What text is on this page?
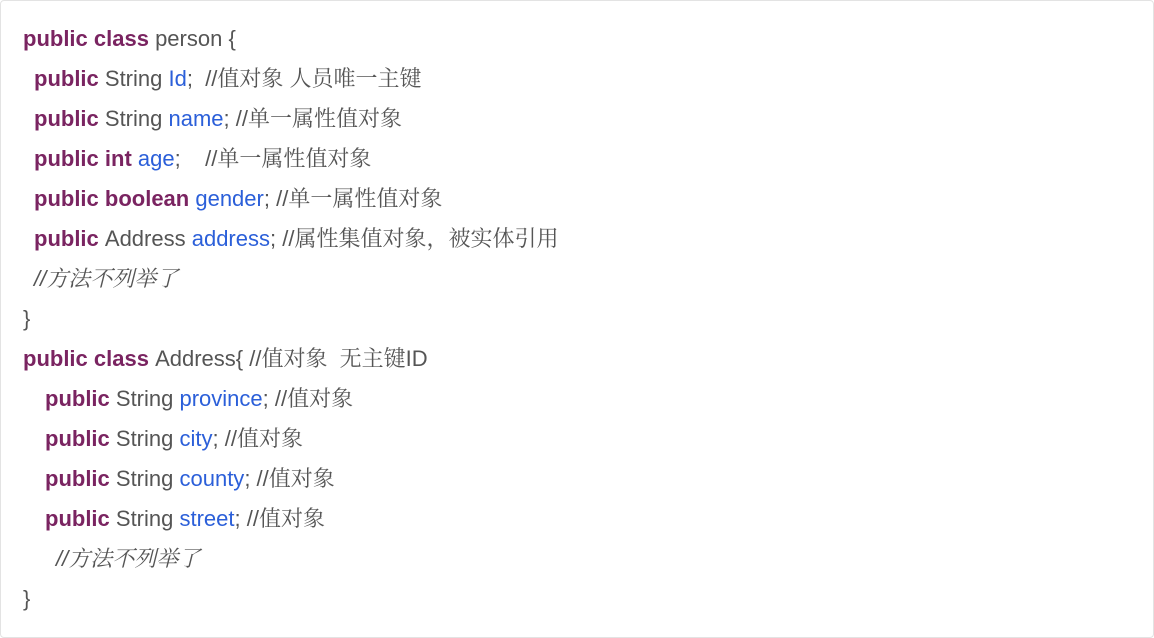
public class person {
public String Id;  //值对象 人员唯一主键
public String name; //单一属性值对象
public int age;    //单一属性值对象
public boolean gender; //单一属性值对象
public Address address; //属性集值对象，被实体引用
//方法不列举了
}
public class Address{ //值对象  无主键ID
public String province; //值对象
public String city; //值对象
public String county; //值对象
public String street; //值对象
//方法不列举了
}
